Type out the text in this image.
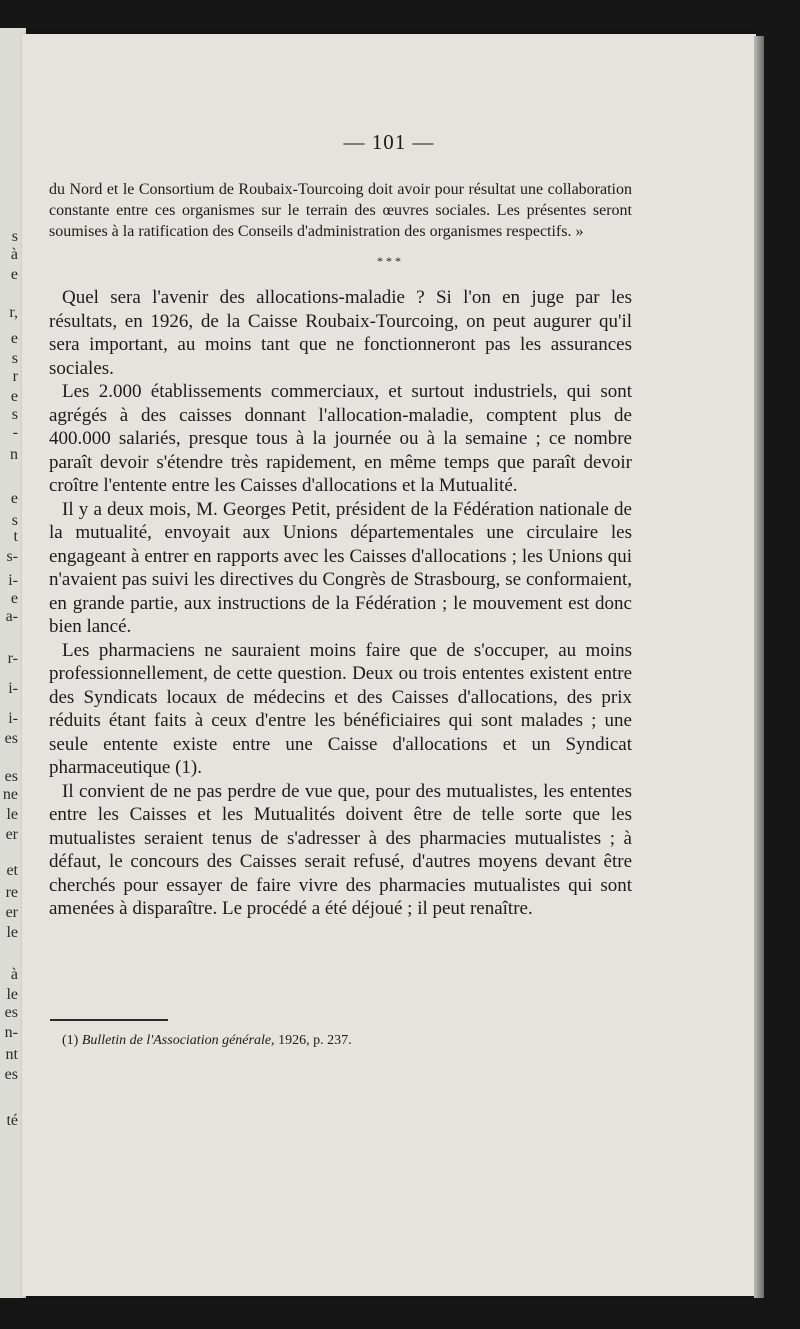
s
à
e
r,
e
s
r
e
s
-
n
e
s
t
s-
i-
e
a-
r-
i-
i-
es
es
ne
le
er
et
re
er
le
à
le
es
n-
nt
es
té
— 101 —

du Nord et le Consortium de Roubaix-Tourcoing doit avoir pour résultat une collaboration constante entre ces organismes sur le terrain des œuvres sociales. Les présentes seront soumises à la ratification des Conseils d'administration des organismes respectifs. »

* * *

Quel sera l'avenir des allocations-maladie ? Si l'on en juge par les résultats, en 1926, de la Caisse Roubaix-Tourcoing, on peut augurer qu'il sera important, au moins tant que ne fonctionneront pas les assurances sociales.

Les 2.000 établissements commerciaux, et surtout industriels, qui sont agrégés à des caisses donnant l'allocation-maladie, comptent plus de 400.000 salariés, presque tous à la journée ou à la semaine ; ce nombre paraît devoir s'étendre très rapidement, en même temps que paraît devoir croître l'entente entre les Caisses d'allocations et la Mutualité.

Il y a deux mois, M. Georges Petit, président de la Fédération nationale de la mutualité, envoyait aux Unions départementales une circulaire les engageant à entrer en rapports avec les Caisses d'allocations ; les Unions qui n'avaient pas suivi les directives du Congrès de Strasbourg, se conformaient, en grande partie, aux instructions de la Fédération ; le mouvement est donc bien lancé.

Les pharmaciens ne sauraient moins faire que de s'occuper, au moins professionnellement, de cette question. Deux ou trois ententes existent entre des Syndicats locaux de médecins et des Caisses d'allocations, des prix réduits étant faits à ceux d'entre les bénéficiaires qui sont malades ; une seule entente existe entre une Caisse d'allocations et un Syndicat pharmaceutique (1).

Il convient de ne pas perdre de vue que, pour des mutualistes, les ententes entre les Caisses et les Mutualités doivent être de telle sorte que les mutualistes seraient tenus de s'adresser à des pharmacies mutualistes ; à défaut, le concours des Caisses serait refusé, d'autres moyens devant être cherchés pour essayer de faire vivre des pharmacies mutualistes qui sont amenées à disparaître. Le procédé a été déjoué ; il peut renaître.

(1) Bulletin de l'Association générale, 1926, p. 237.
